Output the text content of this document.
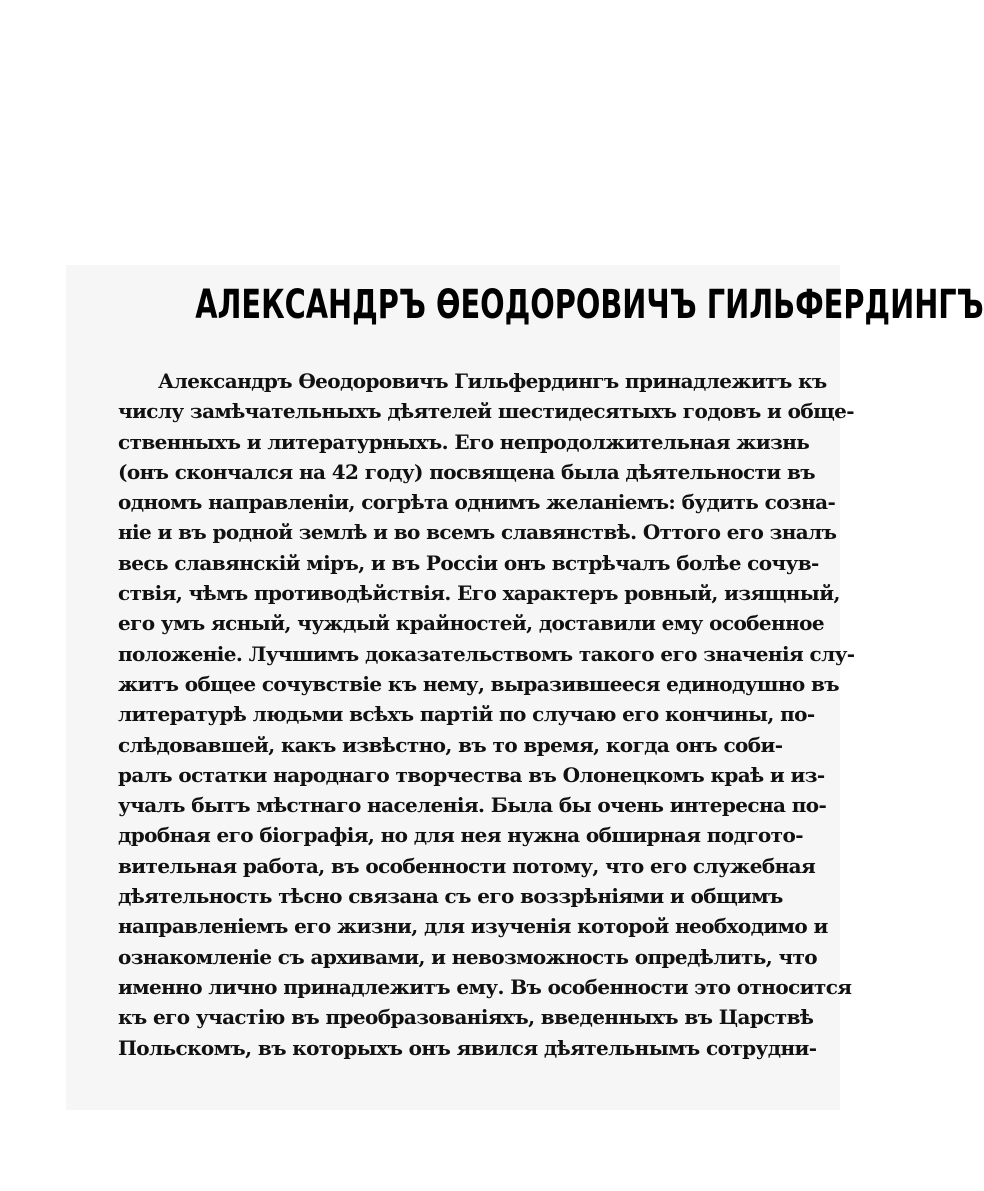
АЛЕКСАНДРЪ ѲЕОДОРОВИЧЪ ГИЛЬФЕРДИНГЪ
Александръ Ѳеодоровичъ Гильфердингъ принадлежитъ къ
числу замѣчательныхъ дѣятелей шестидесятыхъ годовъ и обще-
ственныхъ и литературныхъ. Его непродолжительная жизнь
(онъ скончался на 42 году) посвящена была дѣятельности въ
одномъ направленіи, согрѣта однимъ желаніемъ: будить созна-
ніе и въ родной землѣ и во всемъ славянствѣ. Оттого его зналъ
весь славянскій міръ, и въ Россіи онъ встрѣчалъ болѣе сочув-
ствія, чѣмъ противодѣйствія. Его характеръ ровный, изящный,
его умъ ясный, чуждый крайностей, доставили ему особенное
положеніе. Лучшимъ доказательствомъ такого его значенія слу-
житъ общее сочувствіе къ нему, выразившееся единодушно въ
литературѣ людьми всѣхъ партій по случаю его кончины, по-
слѣдовавшей, какъ извѣстно, въ то время, когда онъ соби-
ралъ остатки народнаго творчества въ Олонецкомъ краѣ и из-
учалъ бытъ мѣстнаго населенія. Была бы очень интересна по-
дробная его біографія, но для нея нужна обширная подгото-
вительная работа, въ особенности потому, что его служебная
дѣятельность тѣсно связана съ его воззрѣніями и общимъ
направленіемъ его жизни, для изученія которой необходимо и
ознакомленіе съ архивами, и невозможность опредѣлить, что
именно лично принадлежитъ ему. Въ особенности это относится
къ его участію въ преобразованіяхъ, введенныхъ въ Царствѣ
Польскомъ, въ которыхъ онъ явился дѣятельнымъ сотрудни-
